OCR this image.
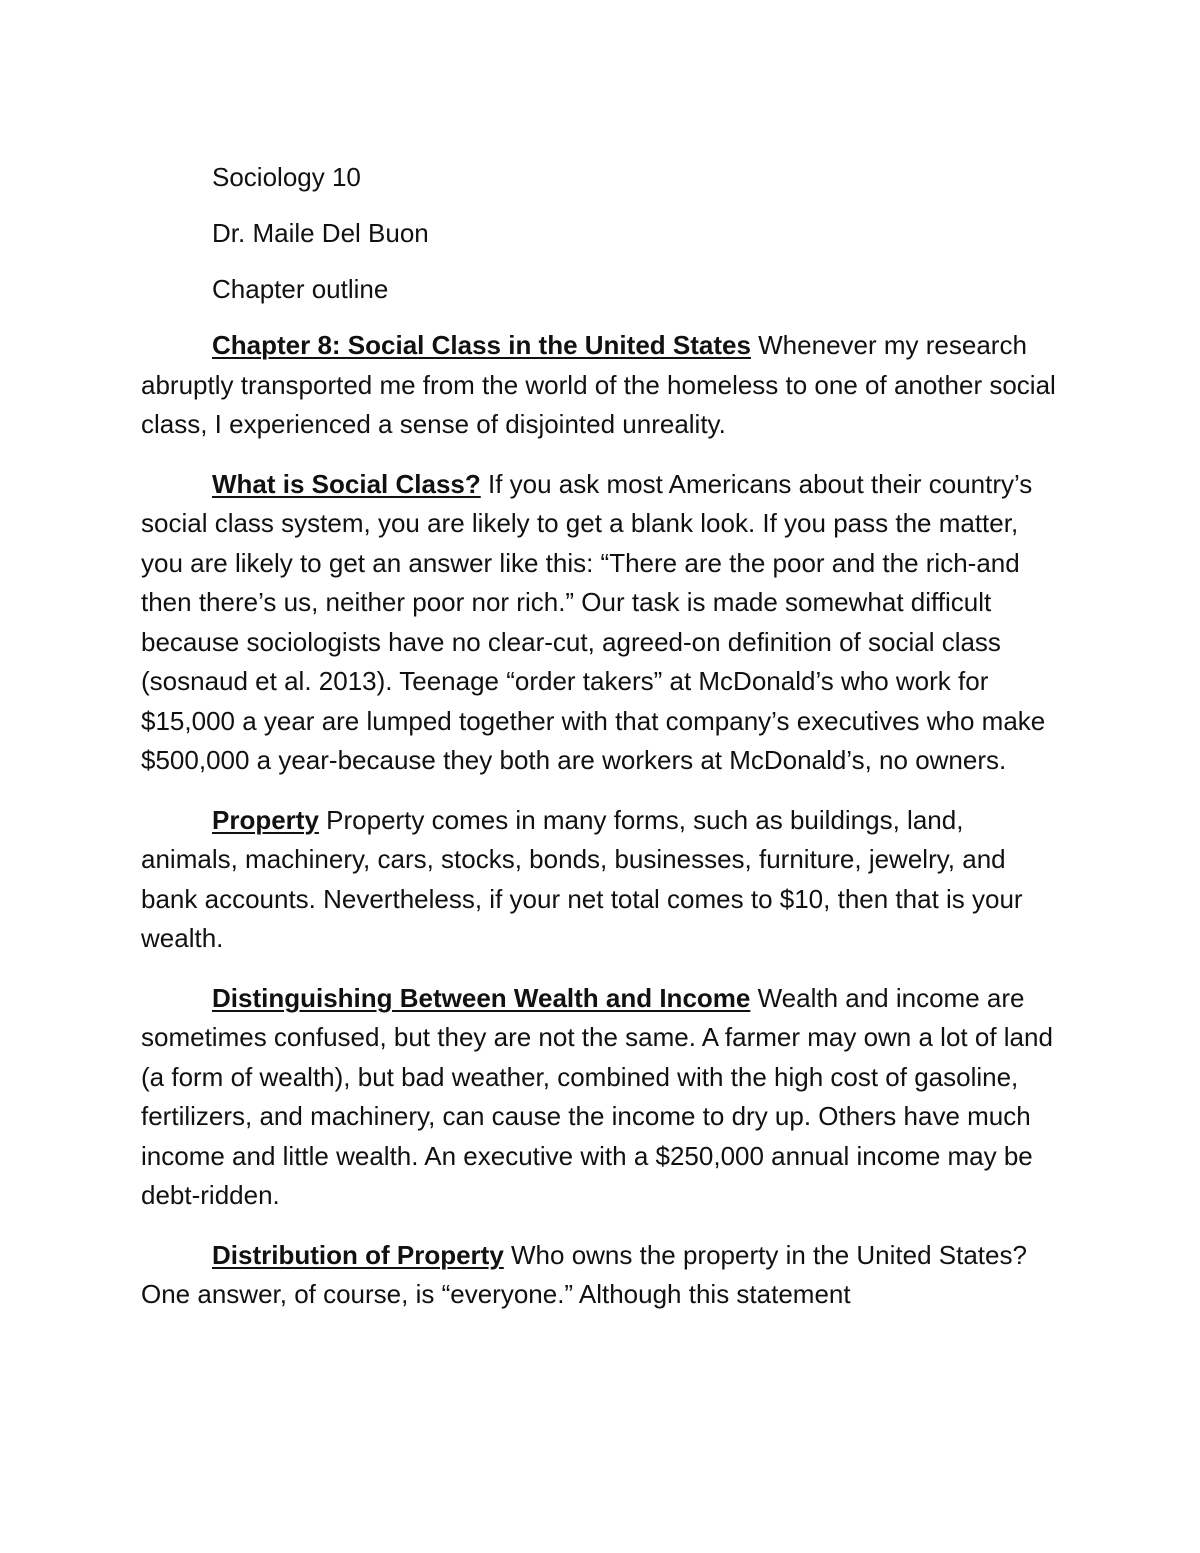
Sociology 10
Dr. Maile Del Buon
Chapter outline

Chapter 8: Social Class in the United States Whenever my research abruptly transported me from the world of the homeless to one of another social class, I experienced a sense of disjointed unreality.

What is Social Class? If you ask most Americans about their country’s social class system, you are likely to get a blank look. If you pass the matter, you are likely to get an answer like this: “There are the poor and the rich-and then there’s us, neither poor nor rich.” Our task is made somewhat difficult because sociologists have no clear-cut, agreed-on definition of social class (sosnaud et al. 2013). Teenage “order takers” at McDonald’s who work for $15,000 a year are lumped together with that company’s executives who make $500,000 a year-because they both are workers at McDonald’s, no owners.

Property Property comes in many forms, such as buildings, land, animals, machinery, cars, stocks, bonds, businesses, furniture, jewelry, and bank accounts. Nevertheless, if your net total comes to $10, then that is your wealth.

Distinguishing Between Wealth and Income Wealth and income are sometimes confused, but they are not the same. A farmer may own a lot of land (a form of wealth), but bad weather, combined with the high cost of gasoline, fertilizers, and machinery, can cause the income to dry up. Others have much income and little wealth. An executive with a $250,000 annual income may be debt-ridden.

Distribution of Property Who owns the property in the United States? One answer, of course, is “everyone.” Although this statement
